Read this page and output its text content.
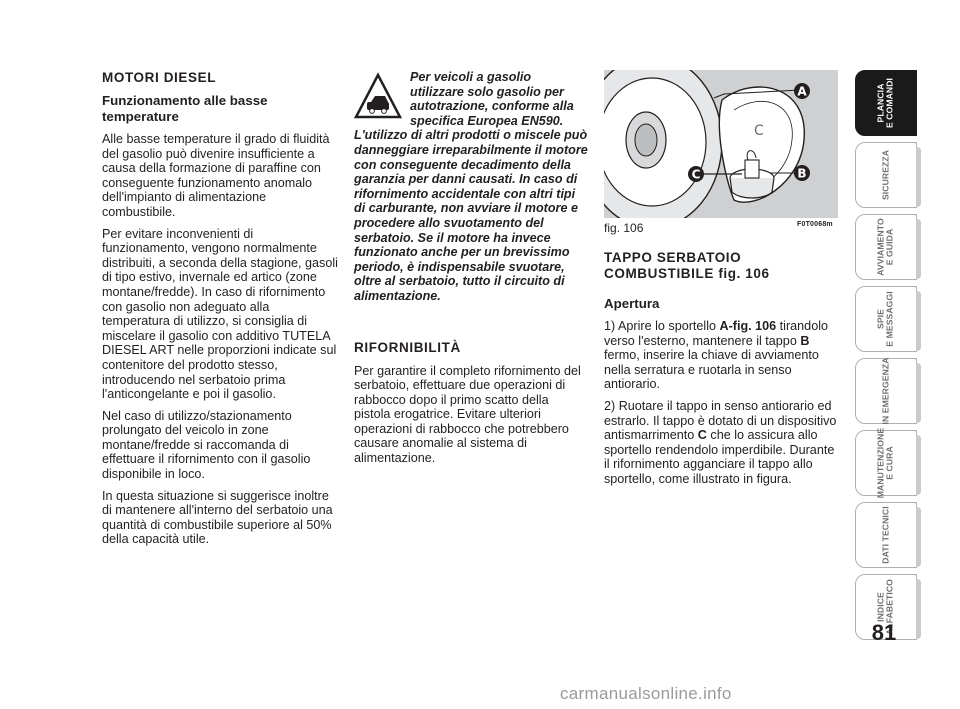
MOTORI DIESEL

Funzionamento alle basse temperature

Alle basse temperature il grado di fluidità del gasolio può divenire insufficiente a causa della formazione di paraffine con conseguente funzionamento anomalo dell'impianto di alimentazione combustibile.

Per evitare inconvenienti di funzionamento, vengono normalmente distribuiti, a seconda della stagione, gasoli di tipo estivo, invernale ed artico (zone montane/fredde). In caso di rifornimento con gasolio non adeguato alla temperatura di utilizzo, si consiglia di miscelare il gasolio con additivo TUTELA DIESEL ART nelle proporzioni indicate sul contenitore del prodotto stesso, introducendo nel serbatoio prima l'anticongelante e poi il gasolio.

Nel caso di utilizzo/stazionamento prolungato del veicolo in zone montane/fredde si raccomanda di effettuare il rifornimento con il gasolio disponibile in loco.

In questa situazione si suggerisce inoltre di mantenere all'interno del serbatoio una quantità di combustibile superiore al 50% della capacità utile.

Per veicoli a gasolio utilizzare solo gasolio per autotrazione, conforme alla specifica Europea EN590. L'utilizzo di altri prodotti o miscele può danneggiare irreparabilmente il motore con conseguente decadimento della garanzia per danni causati. In caso di rifornimento accidentale con altri tipi di carburante, non avviare il motore e procedere allo svuotamento del serbatoio. Se il motore ha invece funzionato anche per un brevissimo periodo, è indispensabile svuotare, oltre al serbatoio, tutto il circuito di alimentazione.

RIFORNIBILITÀ

Per garantire il completo rifornimento del serbatoio, effettuare due operazioni di rabbocco dopo il primo scatto della pistola erogatrice. Evitare ulteriori operazioni di rabbocco che potrebbero causare anomalie al sistema di alimentazione.

C
A
B
C
fig. 106	F0T0068m

TAPPO SERBATOIO
COMBUSTIBILE fig. 106

Apertura

1) Aprire lo sportello A-fig. 106 tirandolo verso l'esterno, mantenere il tappo B fermo, inserire la chiave di avviamento nella serratura e ruotarla in senso antiorario.

2) Ruotare il tappo in senso antiorario ed estrarlo. Il tappo è dotato di un dispositivo antismarrimento C che lo assicura allo sportello rendendolo imperdibile. Durante il rifornimento agganciare il tappo allo sportello, come illustrato in figura.

PLANCIA
E COMANDI
SICUREZZA
AVVIAMENTO
E GUIDA
SPIE
E MESSAGGI
IN EMERGENZA
MANUTENZIONE
E CURA
DATI TECNICI
INDICE
ALFABETICO
81
carmanualsonline.info
